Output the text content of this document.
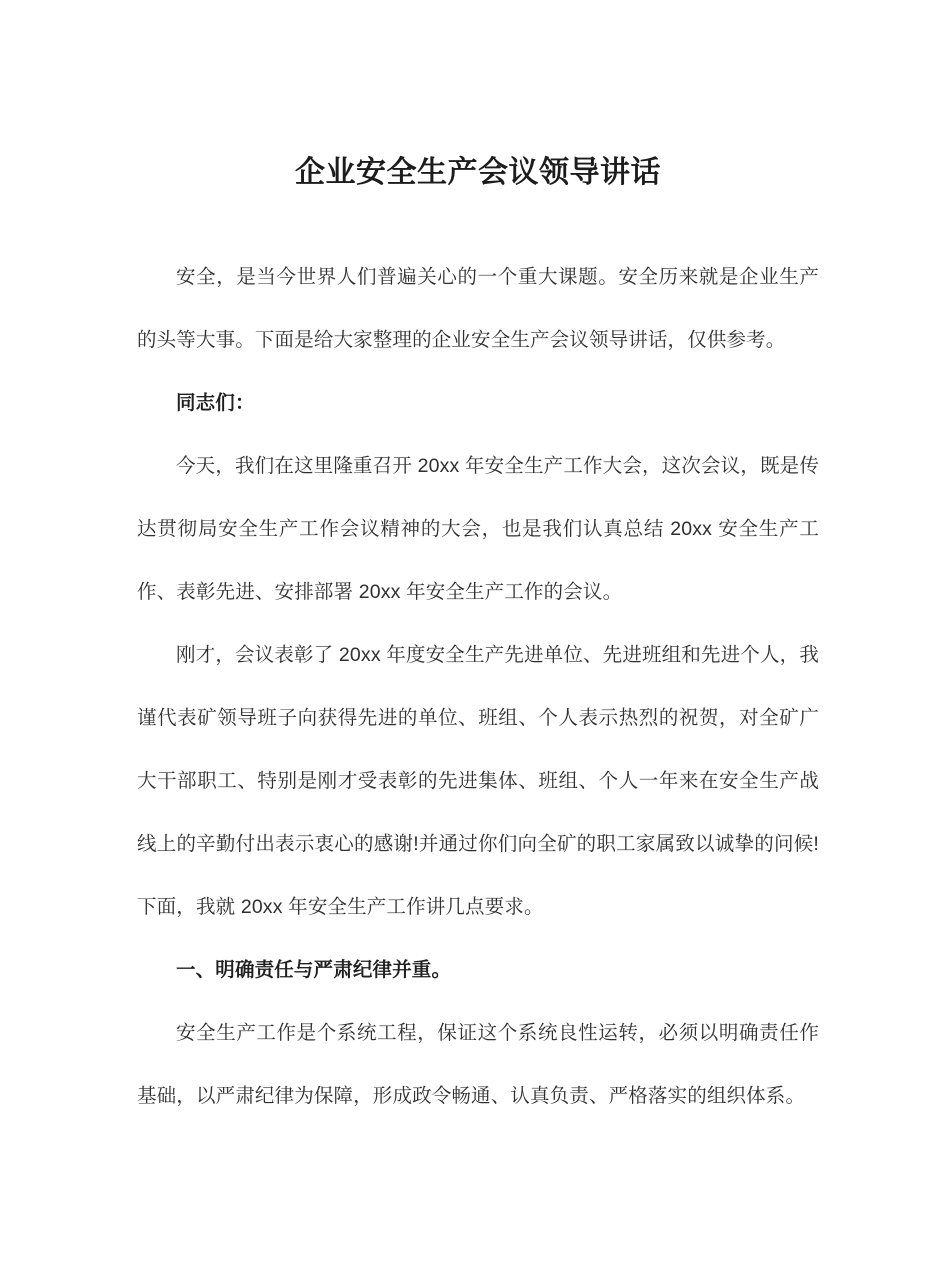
企业安全生产会议领导讲话

安全，是当今世界人们普遍关心的一个重大课题。安全历来就是企业生产的头等大事。下面是给大家整理的企业安全生产会议领导讲话，仅供参考。

同志们：

今天，我们在这里隆重召开 20xx 年安全生产工作大会，这次会议，既是传达贯彻局安全生产工作会议精神的大会，也是我们认真总结 20xx 安全生产工作、表彰先进、安排部署 20xx 年安全生产工作的会议。

刚才，会议表彰了 20xx 年度安全生产先进单位、先进班组和先进个人，我谨代表矿领导班子向获得先进的单位、班组、个人表示热烈的祝贺，对全矿广大干部职工、特别是刚才受表彰的先进集体、班组、个人一年来在安全生产战线上的辛勤付出表示衷心的感谢!并通过你们向全矿的职工家属致以诚挚的问候!下面，我就 20xx 年安全生产工作讲几点要求。

一、明确责任与严肃纪律并重。

安全生产工作是个系统工程，保证这个系统良性运转，必须以明确责任作基础，以严肃纪律为保障，形成政令畅通、认真负责、严格落实的组织体系。
